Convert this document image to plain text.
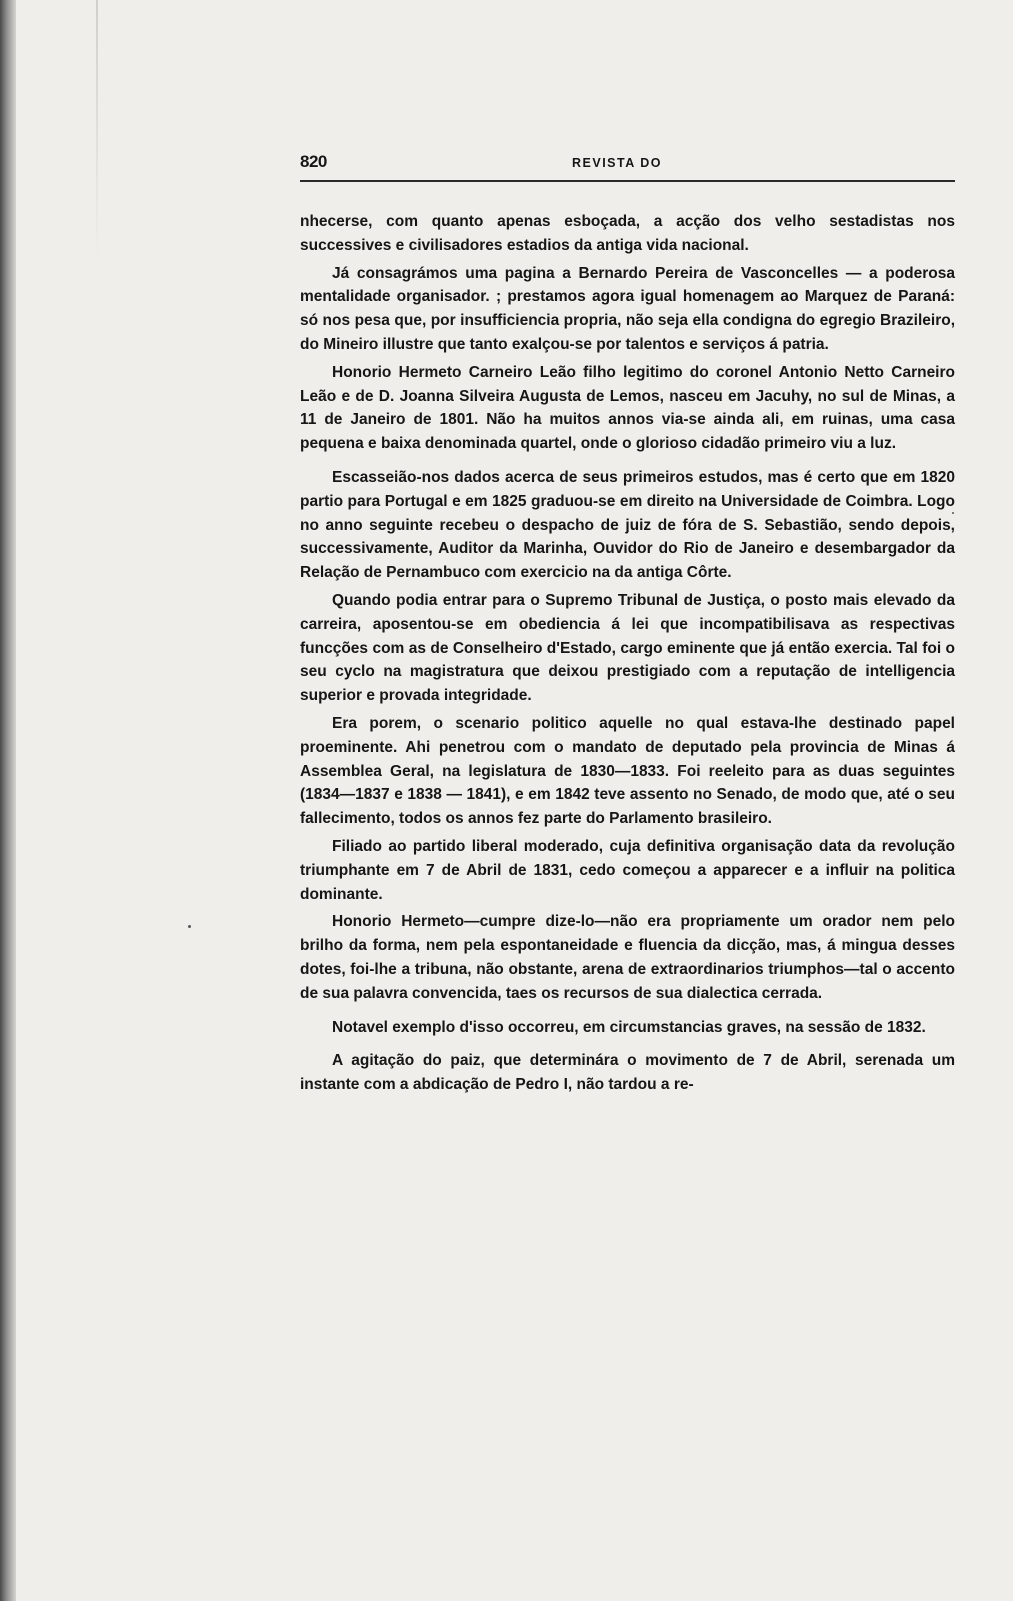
820	REVISTA DO

nhecerse, com quanto apenas esboçada, a acção dos velho sestadistas nos successives e civilisadores estadios da antiga vida nacional.

Já consagrámos uma pagina a Bernardo Pereira de Vasconcelles — a poderosa mentalidade organisador. ; prestamos agora igual homenagem ao Marquez de Paraná: só nos pesa que, por insufficiencia propria, não seja ella condigna do egregio Brazileiro, do Mineiro illustre que tanto exalçou-se por talentos e serviços á patria.

Honorio Hermeto Carneiro Leão filho legitimo do coronel Antonio Netto Carneiro Leão e de D. Joanna Silveira Augusta de Lemos, nasceu em Jacuhy, no sul de Minas, a 11 de Janeiro de 1801. Não ha muitos annos via-se ainda ali, em ruinas, uma casa pequena e baixa denominada quartel, onde o glorioso cidadão primeiro viu a luz.

Escasseião-nos dados acerca de seus primeiros estudos, mas é certo que em 1820 partio para Portugal e em 1825 graduou-se em direito na Universidade de Coimbra. Logo no anno seguinte recebeu o despacho de juiz de fóra de S. Sebastião, sendo depois, successivamente, Auditor da Marinha, Ouvidor do Rio de Janeiro e desembargador da Relação de Pernambuco com exercicio na da antiga Côrte.

Quando podia entrar para o Supremo Tribunal de Justiça, o posto mais elevado da carreira, aposentou-se em obediencia á lei que incompatibilisava as respectivas funcções com as de Conselheiro d'Estado, cargo eminente que já então exercia. Tal foi o seu cyclo na magistratura que deixou prestigiado com a reputação de intelligencia superior e provada integridade.

Era porem, o scenario politico aquelle no qual estava-lhe destinado papel proeminente. Ahi penetrou com o mandato de deputado pela provincia de Minas á Assemblea Geral, na legislatura de 1830—1833. Foi reeleito para as duas seguintes (1834—1837 e 1838 — 1841), e em 1842 teve assento no Senado, de modo que, até o seu fallecimento, todos os annos fez parte do Parlamento brasileiro.

Filiado ao partido liberal moderado, cuja definitiva organisação data da revolução triumphante em 7 de Abril de 1831, cedo começou a apparecer e a influir na politica dominante.

Honorio Hermeto—cumpre dize-lo—não era propriamente um orador nem pelo brilho da forma, nem pela espontaneidade e fluencia da dicção, mas, á mingua desses dotes, foi-lhe a tribuna, não obstante, arena de extraordinarios triumphos—tal o accento de sua palavra convencida, taes os recursos de sua dialectica cerrada.

Notavel exemplo d'isso occorreu, em circumstancias graves, na sessão de 1832.

A agitação do paiz, que determinára o movimento de 7 de Abril, serenada um instante com a abdicação de Pedro I, não tardou a re-
